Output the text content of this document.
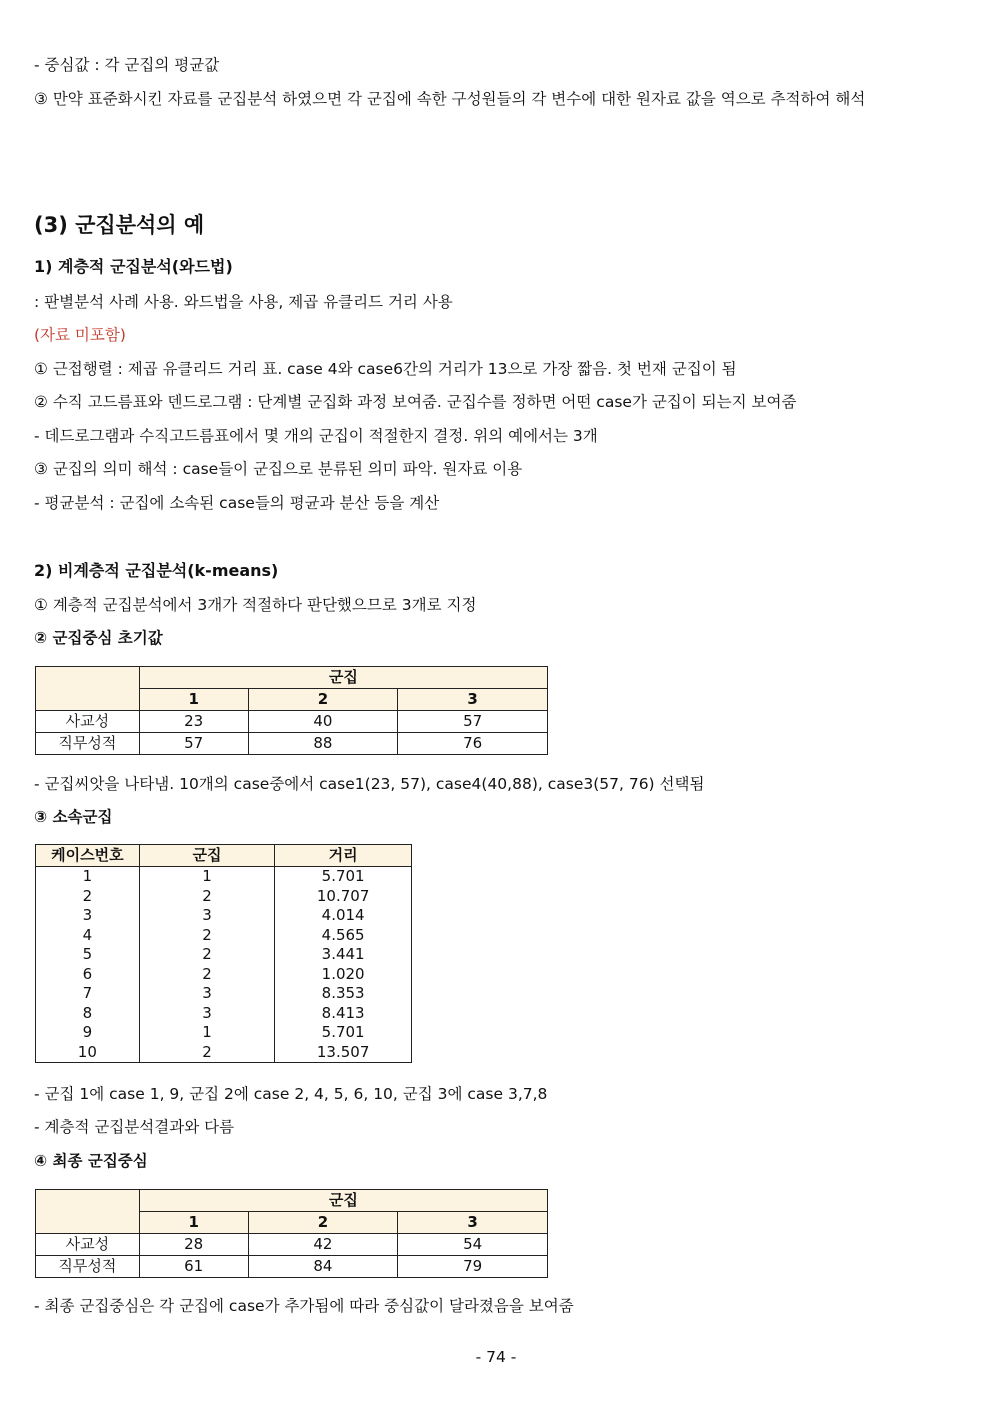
- 중심값 : 각 군집의 평균값
③ 만약 표준화시킨 자료를 군집분석 하였으면 각 군집에 속한 구성원들의 각 변수에 대한 원자료 값을 역으로 추적하여 해석
(3) 군집분석의 예
1) 계층적 군집분석(와드법)
: 판별분석 사례 사용. 와드법을 사용, 제곱 유클리드 거리 사용
(자료 미포함)
① 근접행렬 : 제곱 유클리드 거리 표. case 4와 case6간의 거리가 13으로 가장 짧음. 첫 번재 군집이 됨
② 수직 고드름표와 덴드로그램 : 단계별 군집화 과정 보여줌. 군집수를 정하면 어떤 case가 군집이 되는지 보여줌
- 데드로그램과 수직고드름표에서 몇 개의 군집이 적절한지 결정. 위의 예에서는 3개
③ 군집의 의미 해석 : case들이 군집으로 분류된 의미 파악. 원자료 이용
- 평균분석 : 군집에 소속된 case들의 평균과 분산 등을 계산
2) 비계층적 군집분석(k-means)
① 계층적 군집분석에서 3개가 적절하다 판단했으므로 3개로 지정
② 군집중심 초기값
	군집		
	1	2	3
사교성	23	40	57
직무성적	57	88	76
- 군집씨앗을 나타냄. 10개의 case중에서 case1(23, 57), case4(40,88), case3(57, 76) 선택됨
③ 소속군집
케이스번호	군집	거리
1	1	5.701
2	2	10.707
3	3	4.014
4	2	4.565
5	2	3.441
6	2	1.020
7	3	8.353
8	3	8.413
9	1	5.701
10	2	13.507
- 군집 1에 case 1, 9, 군집 2에 case 2, 4, 5, 6, 10, 군집 3에 case 3,7,8
- 계층적 군집분석결과와 다름
④ 최종 군집중심
	군집		
	1	2	3
사교성	28	42	54
직무성적	61	84	79
- 최종 군집중심은 각 군집에 case가 추가됨에 따라 중심값이 달라졌음을 보여줌
- 74 -
